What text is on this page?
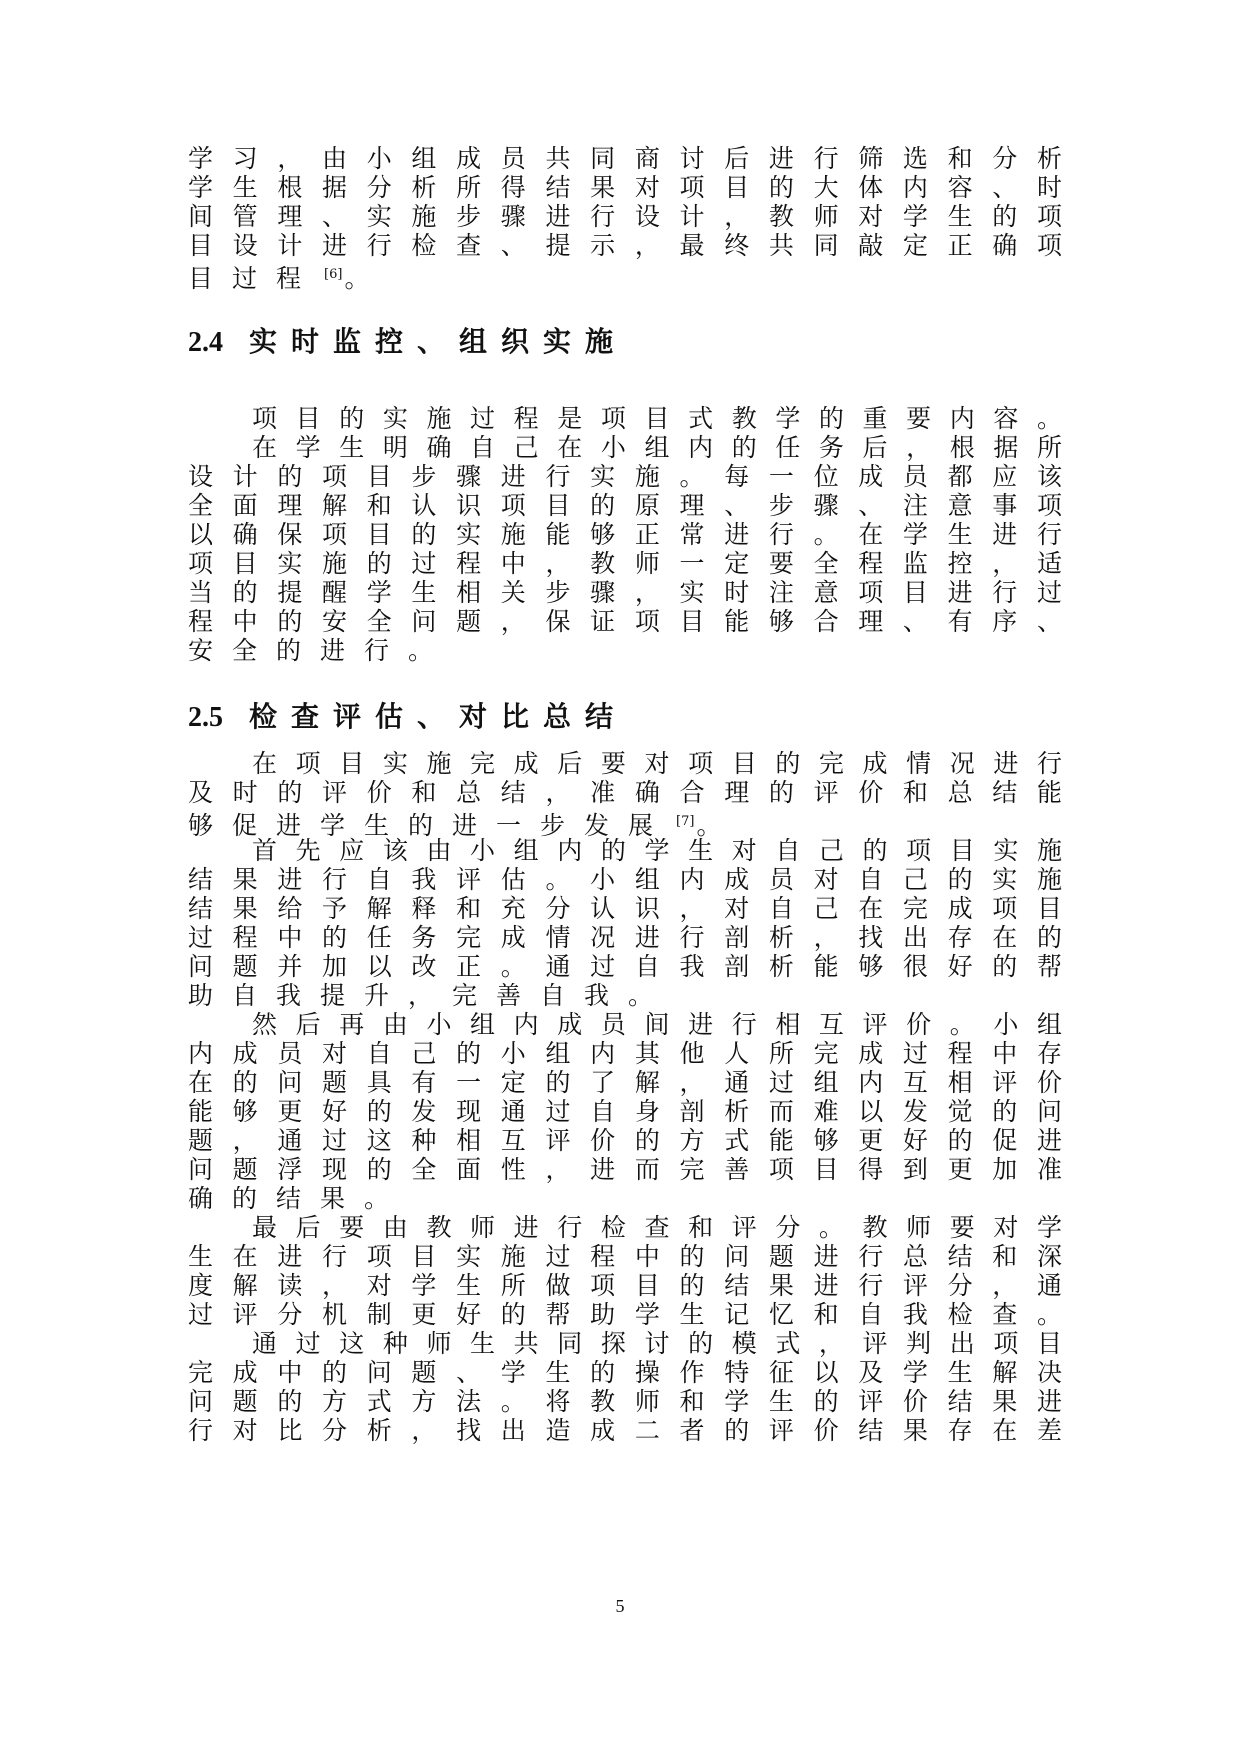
学习，由小组成员共同商讨后进行筛选和分析
学生根据分析所得结果对项目的大体内容、时
间管理、实施步骤进行设计，教师对学生的项
目设计进行检查、提示，最终共同敲定正确项
目过程 [6]。
2.4 实时监控、组织实施
项目的实施过程是项目式教学的重要内容。
在学生明确自己在小组内的任务后，根据所
设计的项目步骤进行实施。每一位成员都应该
全面理解和认识项目的原理、步骤、注意事项
以确保项目的实施能够正常进行。在学生进行
项目实施的过程中，教师一定要全程监控，适
当的提醒学生相关步骤，实时注意项目进行过
程中的安全问题，保证项目能够合理、有序、
安全的进行。
2.5 检查评估、对比总结
在项目实施完成后要对项目的完成情况进行
及时的评价和总结，准确合理的评价和总结能
够促进学生的进一步发展 [7]。
首先应该由小组内的学生对自己的项目实施
结果进行自我评估。小组内成员对自己的实施
结果给予解释和充分认识，对自己在完成项目
过程中的任务完成情况进行剖析，找出存在的
问题并加以改正。通过自我剖析能够很好的帮
助自我提升，完善自我。
然后再由小组内成员间进行相互评价。小组
内成员对自己的小组内其他人所完成过程中存
在的问题具有一定的了解，通过组内互相评价
能够更好的发现通过自身剖析而难以发觉的问
题，通过这种相互评价的方式能够更好的促进
问题浮现的全面性，进而完善项目得到更加准
确的结果。
最后要由教师进行检查和评分。教师要对学
生在进行项目实施过程中的问题进行总结和深
度解读，对学生所做项目的结果进行评分，通
过评分机制更好的帮助学生记忆和自我检查。
通过这种师生共同探讨的模式，评判出项目
完成中的问题、学生的操作特征以及学生解决
问题的方式方法。将教师和学生的评价结果进
行对比分析，找出造成二者的评价结果存在差
5
